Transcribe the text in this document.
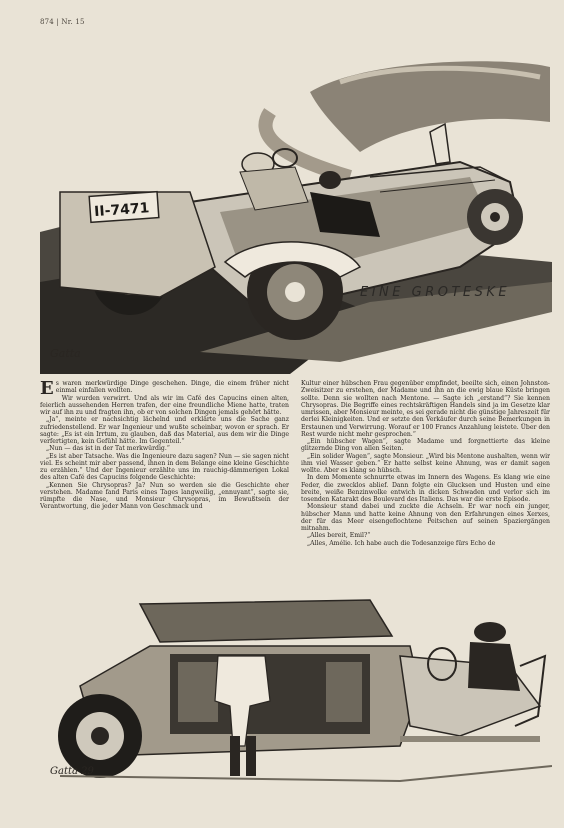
874 | Nr. 15
II-7471
Gatta
EINE GROTESKE

Es waren merkwürdige Dinge geschehen. Dinge, die einem früher nicht einmal einfallen wollten.

Wir wurden verwirrt. Und als wir im Café des Capucins einen alten, feierlich aussehenden Herren trafen, der eine freundliche Miene hatte, traten wir auf ihn zu und fragten ihn, ob er von solchen Dingen jemals gehört hätte.

„Ja“, meinte er nachsichtig lächelnd und erklärte uns die Sache ganz zufriedenstellend. Er war Ingenieur und wußte scheinbar, wovon er sprach. Er sagte: „Es ist ein Irrtum, zu glauben, daß das Material, aus dem wir die Dinge verfertigten, kein Gefühl hätte. Im Gegenteil.“

„Nun — das ist in der Tat merkwürdig.“

„Es ist aber Tatsache. Was die Ingenieure dazu sagen? Nun — sie sagen nicht viel. Es scheint mir aber passend, ihnen in dem Belange eine kleine Geschichte zu erzählen.“ Und der Ingenieur erzählte uns im rauchig-dämmerigen Lokal des alten Café des Capucins folgende Geschichte:

„Kennen Sie Chrysopras? Ja? Nun so werden sie die Geschichte eher verstehen. Madame fand Paris eines Tages langweilig, „ennuyant“, sagte sie, rümpfte die Nase, und Monsieur Chrysopras, im Bewußtsein der Verantwortung, die jeder Mann von Geschmack und

Kultur einer hübschen Frau gegenüber empfindet, beeilte sich, einen Johnston-Zweisitzer zu erstehen, der Madame und ihn an die ewig blaue Küste bringen sollte. Denn sie wollten nach Mentone. — Sagte ich „erstand“? Sie kennen Chrysopras. Die Begriffe eines rechtskräftigen Handels sind ja im Gesetze klar umrissen, aber Monsieur meinte, es sei gerade nicht die günstige Jahreszeit für derlei Kleinigkeiten. Und er setzte den Verkäufer durch seine Bemerkungen in Erstaunen und Verwirrung. Worauf er 100 Francs Anzahlung leistete. Über den Rest wurde nicht mehr gesprochen.“

„Ein hübscher Wagen“, sagte Madame und forgnettierte das kleine glitzernde Ding von allen Seiten.

„Ein solider Wagen“, sagte Monsieur. „Wird bis Mentone aushalten, wenn wir ihm viel Wasser geben.“ Er hatte selbst keine Ahnung, was er damit sagen wollte. Aber es klang so hübsch.

In dem Momente schnurrte etwas im Innern des Wagens. Es klang wie eine Feder, die zwecklos ablief. Dann folgte ein Glucksen und Husten und eine breite, weiße Benzinwolke entwich in dicken Schwaden und verlor sich im tosenden Katarakt des Boulevard des Italiens. Das war die erste Episode.

Monsieur stand dabei und zuckte die Achseln. Er war noch ein junger, hübscher Mann und hatte keine Ahnung von den Erfahrungen eines Xerxes, der für das Meer eisengeflochtene Peitschen auf seinen Spaziergängen mitnahm.

„Alles bereit, Emil?“

„Alles, Amélie. Ich habe auch die Todesanzeige fürs Echo de

Gatta 29
